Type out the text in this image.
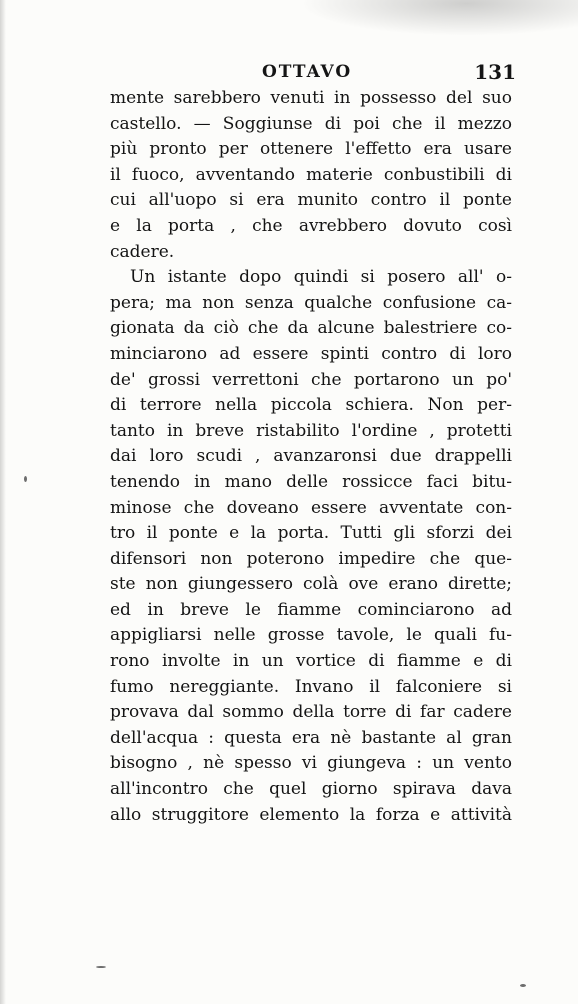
OTTAVO	131
mente sarebbero venuti in possesso del suo
castello. — Soggiunse di poi che il mezzo
più pronto per ottenere l'effetto era usare
il fuoco, avventando materie conbustibili di
cui all'uopo si era munito contro il ponte
e la porta , che avrebbero dovuto così
cadere.
Un istante dopo quindi si posero all' o-
pera; ma non senza qualche confusione ca-
gionata da ciò che da alcune balestriere co-
minciarono ad essere spinti contro di loro
de' grossi verrettoni che portarono un po'
di terrore nella piccola schiera. Non per-
tanto in breve ristabilito l'ordine , protetti
dai loro scudi , avanzaronsi due drappelli
tenendo in mano delle rossicce faci bitu-
minose che doveano essere avventate con-
tro il ponte e la porta. Tutti gli sforzi dei
difensori non poterono impedire che que-
ste non giungessero colà ove erano dirette;
ed in breve le fiamme cominciarono ad
appigliarsi nelle grosse tavole, le quali fu-
rono involte in un vortice di fiamme e di
fumo nereggiante. Invano il falconiere si
provava dal sommo della torre di far cadere
dell'acqua : questa era nè bastante al gran
bisogno , nè spesso vi giungeva : un vento
all'incontro che quel giorno spirava dava
allo struggitore elemento la forza e attività
